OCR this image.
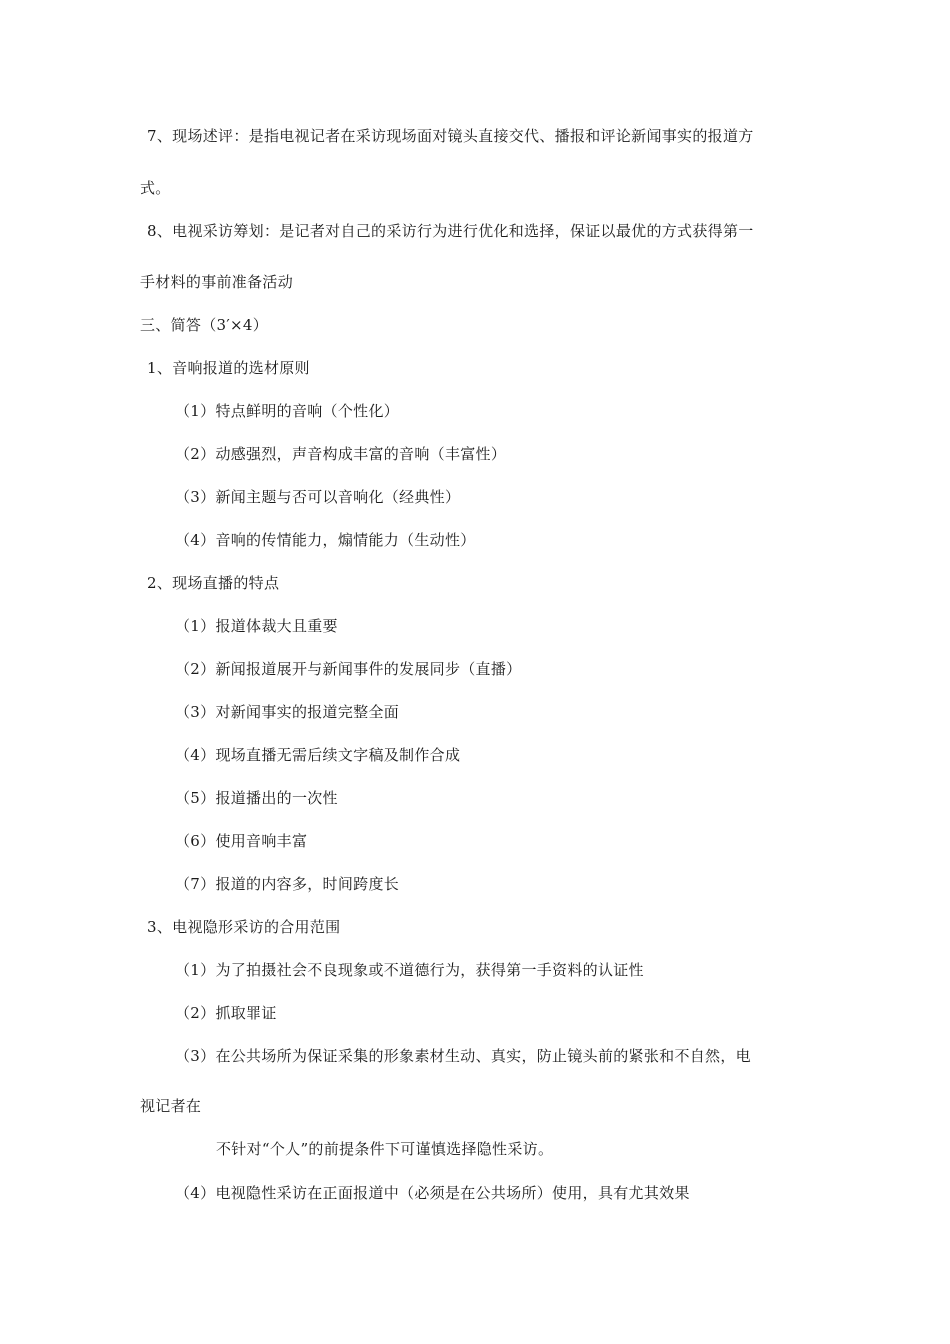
7、现场述评：是指电视记者在采访现场面对镜头直接交代、播报和评论新闻事实的报道方
式。
8、电视采访筹划：是记者对自己的采访行为进行优化和选择，保证以最优的方式获得第一
手材料的事前准备活动
三、简答（3′×4）
1、音响报道的选材原则
（1）特点鲜明的音响（个性化）
（2）动感强烈，声音构成丰富的音响（丰富性）
（3）新闻主题与否可以音响化（经典性）
（4）音响的传情能力，煽情能力（生动性）
2、现场直播的特点
（1）报道体裁大且重要
（2）新闻报道展开与新闻事件的发展同步（直播）
（3）对新闻事实的报道完整全面
（4）现场直播无需后续文字稿及制作合成
（5）报道播出的一次性
（6）使用音响丰富
（7）报道的内容多，时间跨度长
3、电视隐形采访的合用范围
（1）为了拍摄社会不良现象或不道德行为，获得第一手资料的认证性
（2）抓取罪证
（3）在公共场所为保证采集的形象素材生动、真实，防止镜头前的紧张和不自然，电
视记者在
不针对“个人”的前提条件下可谨慎选择隐性采访。
（4）电视隐性采访在正面报道中（必须是在公共场所）使用，具有尤其效果
